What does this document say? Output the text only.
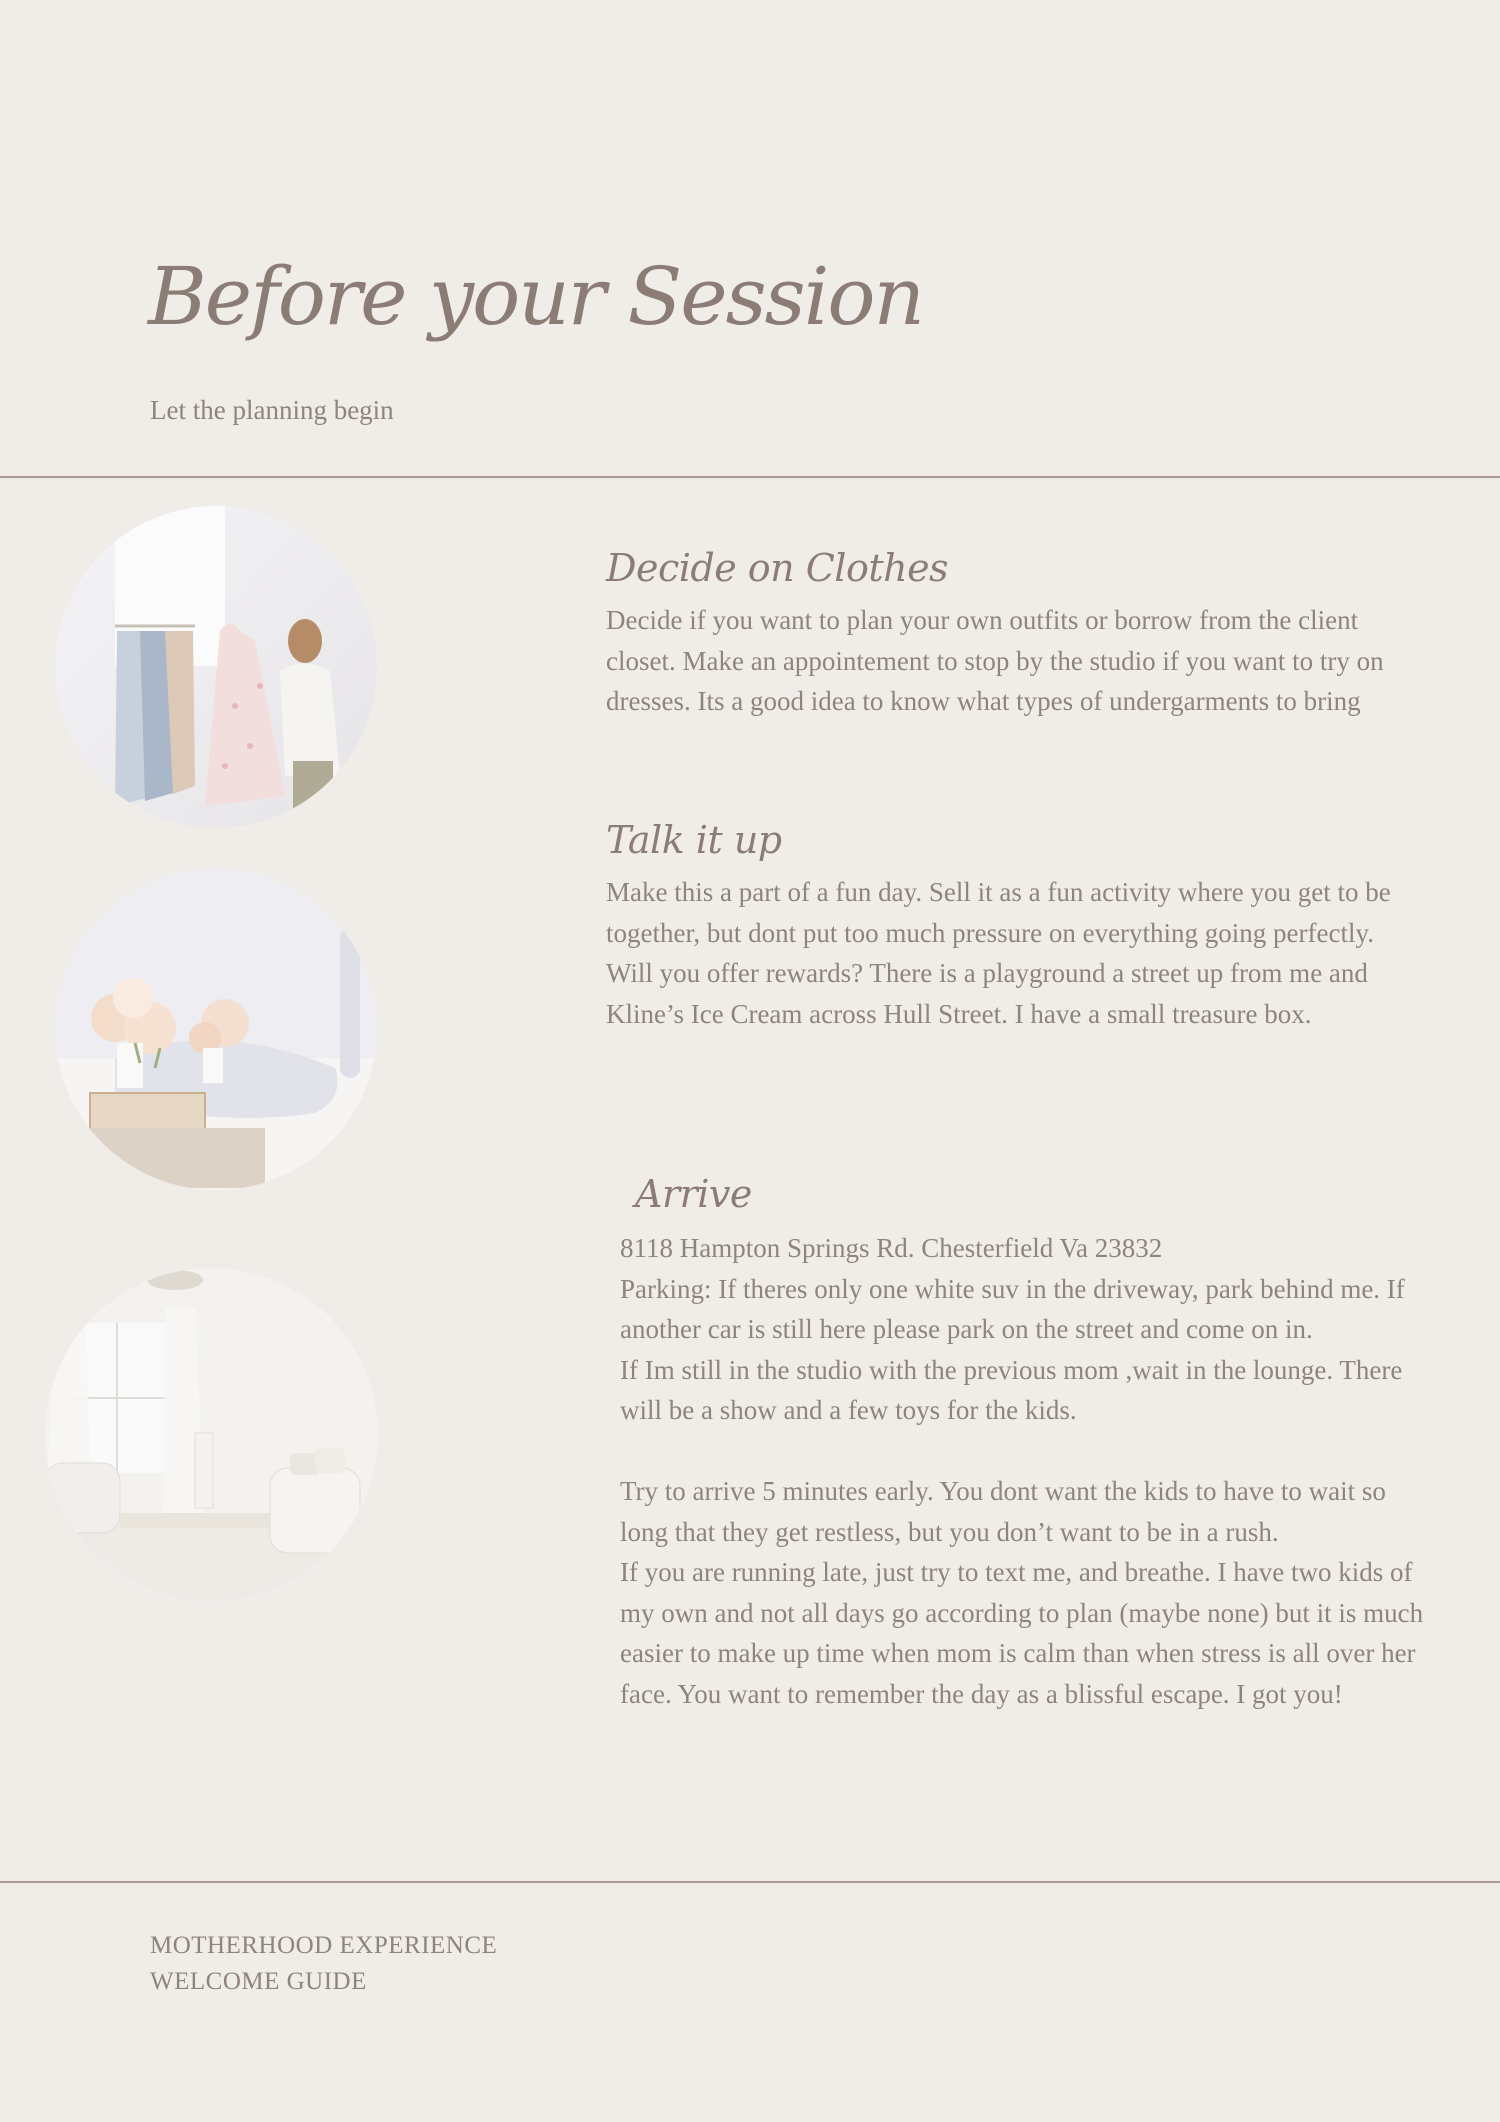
Before your Session
Let the planning begin
Decide on Clothes

Decide if you want to plan your own outfits or borrow from the client closet. Make an appointement to stop by the studio if you want to try on dresses. Its a good idea to know what types of undergarments to bring

Talk it up

Make this a part of a fun day. Sell it as a fun activity where you get to be together, but dont put too much pressure on everything going perfectly. Will you offer rewards? There is a playground a street up from me and Kline’s Ice Cream across Hull Street. I have a small treasure box.

Arrive

8118 Hampton Springs Rd. Chesterfield Va 23832

Parking: If theres only one white suv in the driveway, park behind me. If another car is still here please park on the street and come on in.

If Im still in the studio with the previous mom ,wait in the lounge. There will be a show and a few toys for the kids.

Try to arrive 5 minutes early. You dont want the kids to have to wait so long that they get restless, but you don’t want to be in a rush.

If you are running late, just try to text me, and breathe. I have two kids of my own and not all days go according to plan (maybe none) but it is much easier to make up time when mom is calm than when stress is all over her face. You want to remember the day as a blissful escape. I got you!

MOTHERHOOD EXPERIENCE
WELCOME GUIDE
